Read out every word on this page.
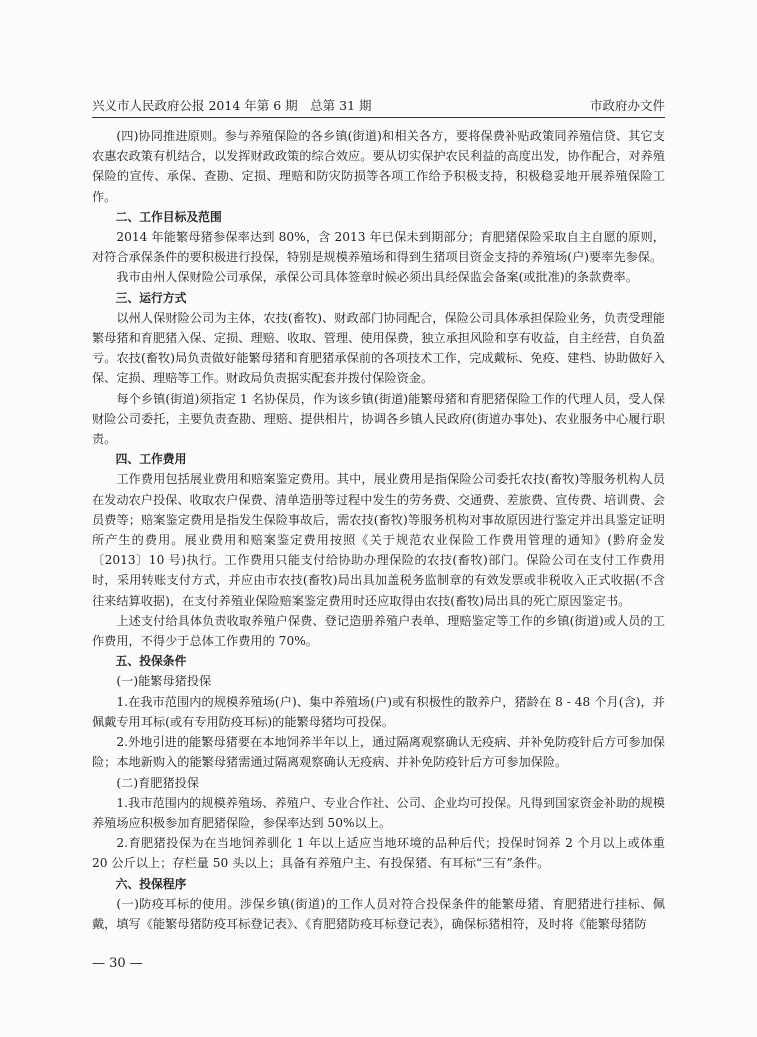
兴义市人民政府公报 2014 年第 6 期　总第 31 期	市政府办文件

(四)协同推进原则。参与养殖保险的各乡镇(街道)和相关各方，要将保费补贴政策同养殖信贷、其它支农惠农政策有机结合，以发挥财政政策的综合效应。要从切实保护农民利益的高度出发，协作配合，对养殖保险的宣传、承保、查勘、定损、理赔和防灾防损等各项工作给予积极支持，积极稳妥地开展养殖保险工作。

二、工作目标及范围

2014 年能繁母猪参保率达到 80%，含 2013 年已保未到期部分；育肥猪保险采取自主自愿的原则，对符合承保条件的要积极进行投保，特别是规模养殖场和得到生猪项目资金支持的养殖场(户)要率先参保。

我市由州人保财险公司承保，承保公司具体签章时候必须出具经保监会备案(或批准)的条款费率。

三、运行方式

以州人保财险公司为主体，农技(畜牧)、财政部门协同配合，保险公司具体承担保险业务，负责受理能繁母猪和育肥猪入保、定损、理赔、收取、管理、使用保费，独立承担风险和享有收益，自主经营，自负盈亏。农技(畜牧)局负责做好能繁母猪和育肥猪承保前的各项技术工作，完成戴标、免疫、建档、协助做好入保、定损、理赔等工作。财政局负责据实配套并拨付保险资金。

每个乡镇(街道)须指定 1 名协保员，作为该乡镇(街道)能繁母猪和育肥猪保险工作的代理人员，受人保财险公司委托，主要负责查勘、理赔、提供相片，协调各乡镇人民政府(街道办事处)、农业服务中心履行职责。

四、工作费用

工作费用包括展业费用和赔案鉴定费用。其中，展业费用是指保险公司委托农技(畜牧)等服务机构人员在发动农户投保、收取农户保费、清单造册等过程中发生的劳务费、交通费、差旅费、宣传费、培训费、会员费等；赔案鉴定费用是指发生保险事故后，需农技(畜牧)等服务机构对事故原因进行鉴定并出具鉴定证明所产生的费用。展业费用和赔案鉴定费用按照《关于规范农业保险工作费用管理的通知》(黔府金发〔2013〕10 号)执行。工作费用只能支付给协助办理保险的农技(畜牧)部门。保险公司在支付工作费用时，采用转账支付方式，并应由市农技(畜牧)局出具加盖税务监制章的有效发票或非税收入正式收据(不含往来结算收据)，在支付养殖业保险赔案鉴定费用时还应取得由农技(畜牧)局出具的死亡原因鉴定书。

上述支付给具体负责收取养殖户保费、登记造册养殖户表单、理赔鉴定等工作的乡镇(街道)或人员的工作费用，不得少于总体工作费用的 70%。

五、投保条件

(一)能繁母猪投保

1.在我市范围内的规模养殖场(户)、集中养殖场(户)或有积极性的散养户，猪龄在 8 - 48 个月(含)，并佩戴专用耳标(或有专用防疫耳标)的能繁母猪均可投保。

2.外地引进的能繁母猪要在本地饲养半年以上，通过隔离观察确认无疫病、并补免防疫针后方可参加保险；本地新购入的能繁母猪需通过隔离观察确认无疫病、并补免防疫针后方可参加保险。

(二)育肥猪投保

1.我市范围内的规模养殖场、养殖户、专业合作社、公司、企业均可投保。凡得到国家资金补助的规模养殖场应积极参加育肥猪保险，参保率达到 50%以上。

2.育肥猪投保为在当地饲养驯化 1 年以上适应当地环境的品种后代；投保时饲养 2 个月以上或体重 20 公斤以上；存栏量 50 头以上；具备有养殖户主、有投保猪、有耳标“三有”条件。

六、投保程序

(一)防疫耳标的使用。涉保乡镇(街道)的工作人员对符合投保条件的能繁母猪、育肥猪进行挂标、佩戴，填写《能繁母猪防疫耳标登记表》、《育肥猪防疫耳标登记表》，确保标猪相符，及时将《能繁母猪防

— 30 —
